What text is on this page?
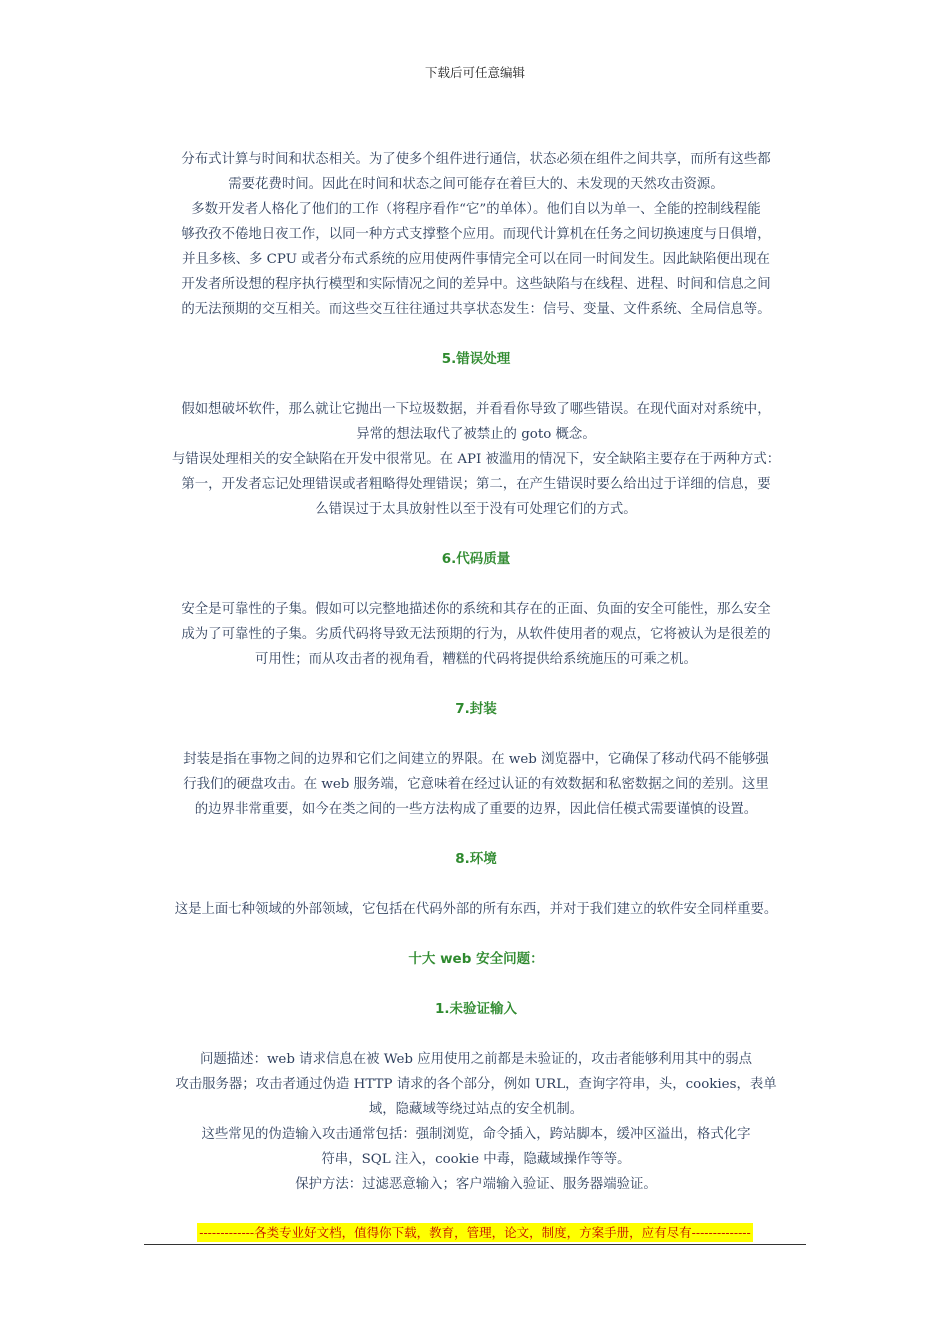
下载后可任意编辑
分布式计算与时间和状态相关。为了使多个组件进行通信，状态必须在组件之间共享，而所有这些都
需要花费时间。因此在时间和状态之间可能存在着巨大的、未发现的天然攻击资源。
多数开发者人格化了他们的工作（将程序看作“它”的单体）。他们自以为单一、全能的控制线程能
够孜孜不倦地日夜工作，以同一种方式支撑整个应用。而现代计算机在任务之间切换速度与日俱增，
并且多核、多 CPU 或者分布式系统的应用使两件事情完全可以在同一时间发生。因此缺陷便出现在
开发者所设想的程序执行模型和实际情况之间的差异中。这些缺陷与在线程、进程、时间和信息之间
的无法预期的交互相关。而这些交互往往通过共享状态发生：信号、变量、文件系统、全局信息等。
5.错误处理
假如想破坏软件，那么就让它抛出一下垃圾数据，并看看你导致了哪些错误。在现代面对对系统中，
异常的想法取代了被禁止的 goto 概念。
与错误处理相关的安全缺陷在开发中很常见。在 API 被滥用的情况下，安全缺陷主要存在于两种方式：
第一，开发者忘记处理错误或者粗略得处理错误；第二，在产生错误时要么给出过于详细的信息，要
么错误过于太具放射性以至于没有可处理它们的方式。
6.代码质量
安全是可靠性的子集。假如可以完整地描述你的系统和其存在的正面、负面的安全可能性，那么安全
成为了可靠性的子集。劣质代码将导致无法预期的行为，从软件使用者的观点，它将被认为是很差的
可用性；而从攻击者的视角看，糟糕的代码将提供给系统施压的可乘之机。
7.封装
封装是指在事物之间的边界和它们之间建立的界限。在 web 浏览器中，它确保了移动代码不能够强
行我们的硬盘攻击。在 web 服务端，它意味着在经过认证的有效数据和私密数据之间的差别。这里
的边界非常重要，如今在类之间的一些方法构成了重要的边界，因此信任模式需要谨慎的设置。
8.环境
这是上面七种领域的外部领域，它包括在代码外部的所有东西，并对于我们建立的软件安全同样重要。
十大 web 安全问题：
1.未验证输入
问题描述：web 请求信息在被 Web 应用使用之前都是未验证的，攻击者能够利用其中的弱点
攻击服务器；攻击者通过伪造 HTTP 请求的各个部分，例如 URL，查询字符串，头，cookies，表单
域，隐藏域等绕过站点的安全机制。
这些常见的伪造输入攻击通常包括：强制浏览，命令插入，跨站脚本，缓冲区溢出，格式化字
符串，SQL 注入，cookie 中毒，隐藏域操作等等。
保护方法：过滤恶意输入；客户端输入验证、服务器端验证。
-------------各类专业好文档，值得你下载，教育，管理，论文，制度，方案手册，应有尽有--------------
